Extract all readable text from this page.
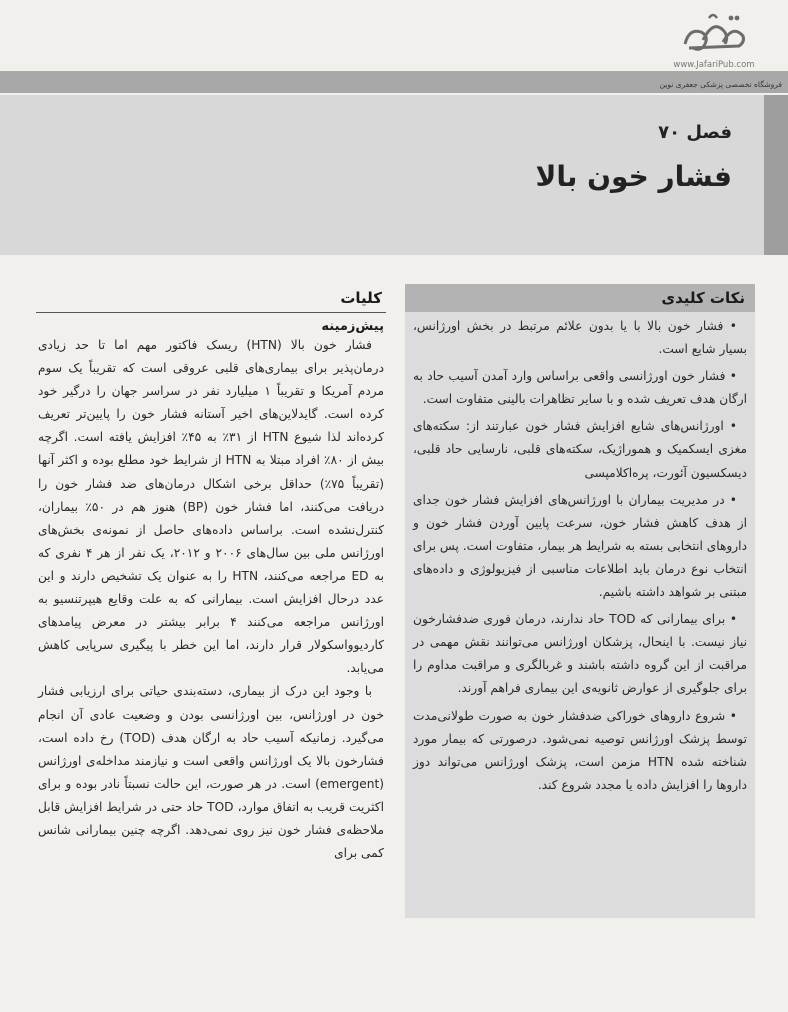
www.JafariPub.com
فروشگاه تخصصی پزشکی جعفری نوین
فصل ۷۰
فشار خون بالا
نکات کلیدی

• فشار خون بالا با یا بدون علائم مرتبط در بخش اورژانس، بسیار شایع است.

• فشار خون اورژانسی واقعی براساس وارد آمدن آسیب حاد به ارگان هدف تعریف شده و با سایر تظاهرات بالینی متفاوت است.

• اورژانس‌های شایع افزایش فشار خون عبارتند از: سکته‌های مغزی ایسکمیک و هموراژیک، سکته‌های قلبی، نارسایی حاد قلبی، دیسکسیون آئورت، پره‌اکلامپسی

• در مدیریت بیماران با اورژانس‌های افزایش فشار خون جدای از هدف کاهش فشار خون، سرعت پایین آوردن فشار خون و داروهای انتخابی بسته به شرایط هر بیمار، متفاوت است. پس برای انتخاب نوع درمان باید اطلاعات مناسبی از فیزیولوژی و داده‌های مبتنی بر شواهد داشته باشیم.

• برای بیمارانی که TOD حاد ندارند، درمان فوری ضدفشارخون نیاز نیست. با اینحال، پزشکان اورژانس می‌توانند نقش مهمی در مراقبت از این گروه داشته باشند و غربالگری و مراقبت مداوم را برای جلوگیری از عوارض ثانویه‌ی این بیماری فراهم آورند.

• شروع داروهای خوراکی ضدفشار خون به صورت طولانی‌مدت توسط پزشک اورژانس توصیه نمی‌شود. درصورتی که بیمار مورد شناخته شده HTN مزمن است، پزشک اورژانس می‌تواند دوز داروها را افزایش داده یا مجدد شروع کند.

کلیات
پیش‌زمینه

فشار خون بالا (HTN) ریسک فاکتور مهم اما تا حد زیادی درمان‌پذیر برای بیماری‌های قلبی عروقی است که تقریباً یک سوم مردم آمریکا و تقریباً ۱ میلیارد نفر در سراسر جهان را درگیر خود کرده است. گایدلاین‌های اخیر آستانه فشار خون را پایین‌تر تعریف کرده‌اند لذا شیوع HTN از ۳۱٪ به ۴۵٪ افزایش یافته است. اگرچه بیش از ۸۰٪ افراد مبتلا به HTN از شرایط خود مطلع بوده و اکثر آنها (تقریباً ۷۵٪) حداقل برخی اشکال درمان‌های ضد فشار خون را دریافت می‌کنند، اما فشار خون (BP) هنوز هم در ۵۰٪ بیماران، کنترل‌نشده است. براساس داده‌های حاصل از نمونه‌ی بخش‌های اورژانس ملی بین سال‌های ۲۰۰۶ و ۲۰۱۲، یک نفر از هر ۴ نفری که به ED مراجعه می‌کنند، HTN را به عنوان یک تشخیص دارند و این عدد درحال افزایش است. بیمارانی که به علت وقایع هیپرتنسیو به اورژانس مراجعه می‌کنند ۴ برابر بیشتر در معرض پیامدهای کاردیوواسکولار قرار دارند، اما این خطر با پیگیری سرپایی کاهش می‌یابد.

با وجود این درک از بیماری، دسته‌بندی حیاتی برای ارزیابی فشار خون در اورژانس، بین اورژانسی بودن و وضعیت عادی آن انجام می‌گیرد. زمانیکه آسیب حاد به ارگان هدف (TOD) رخ داده است، فشارخون بالا یک اورژانس واقعی است و نیازمند مداخله‌ی اورژانس (emergent) است. در هر صورت، این حالت نسبتاً نادر بوده و برای اکثریت قریب به اتفاق موارد، TOD حاد حتی در شرایط افزایش قابل ملاحظه‌ی فشار خون نیز روی نمی‌دهد. اگرچه چنین بیمارانی شانس کمی برای
